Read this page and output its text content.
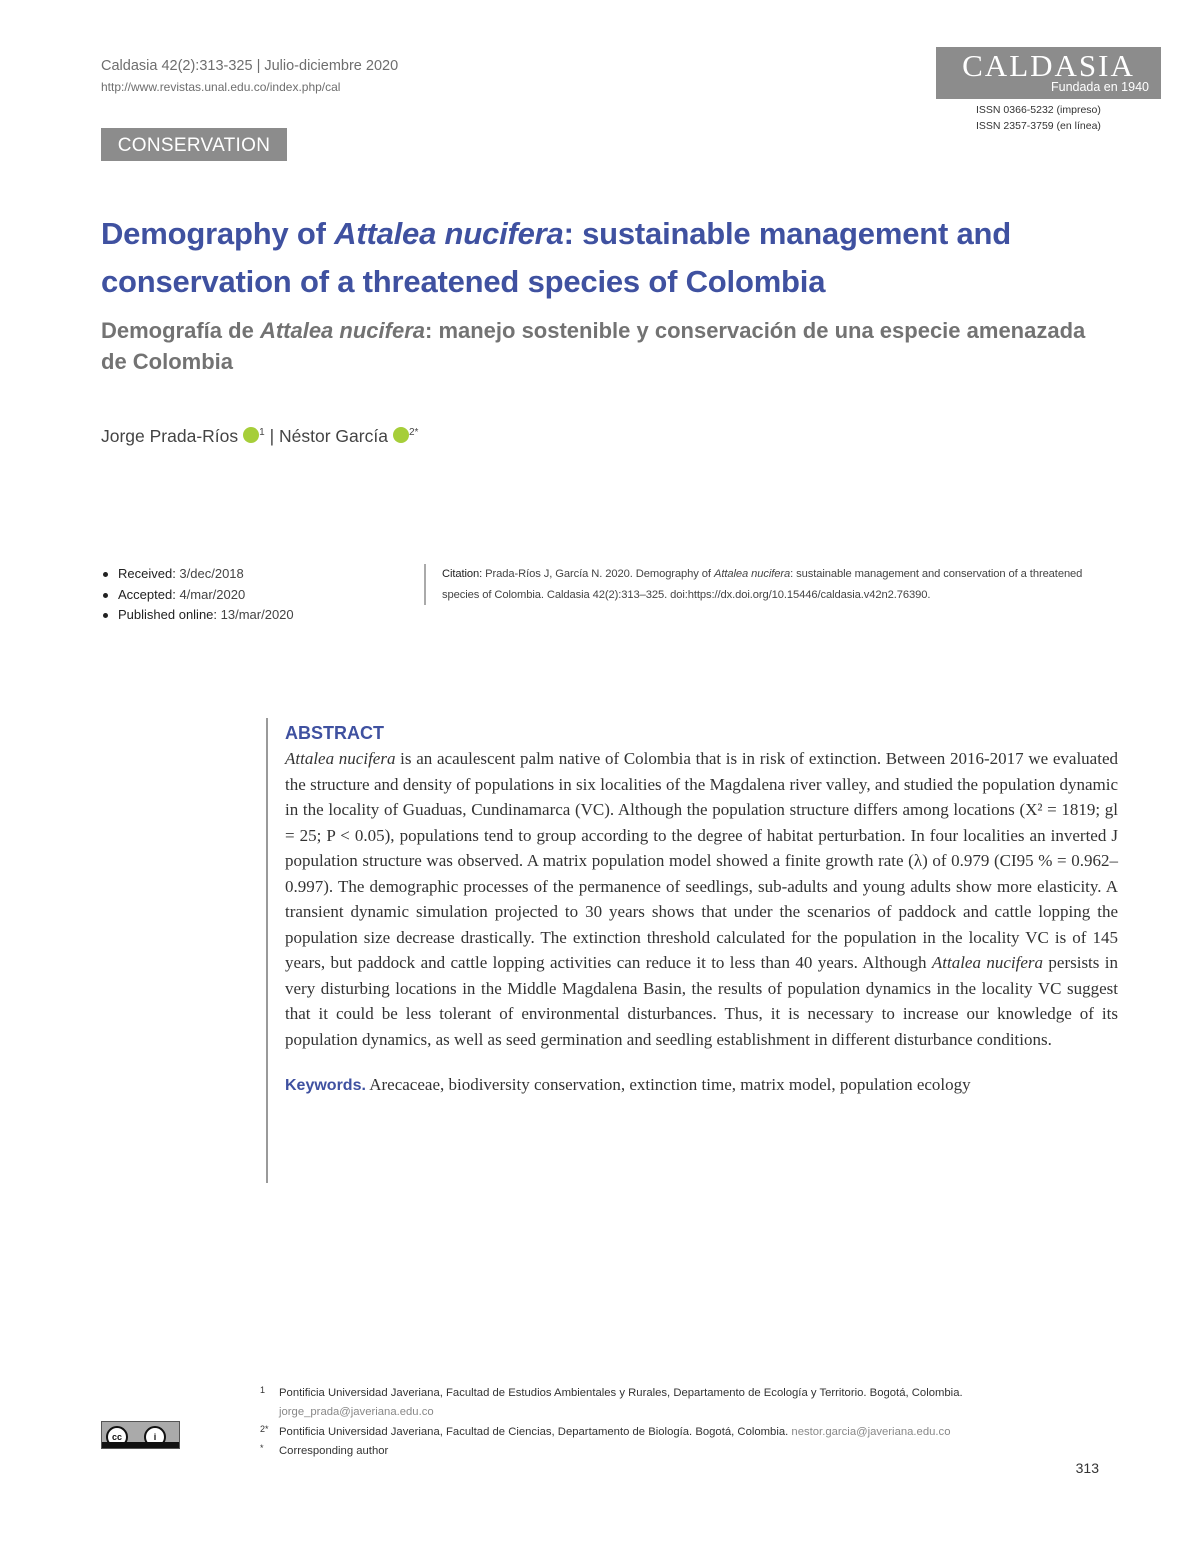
Caldasia 42(2):313-325 | Julio-diciembre 2020
http://www.revistas.unal.edu.co/index.php/cal
CALDASIA
Fundada en 1940
ISSN 0366-5232 (impreso)
ISSN 2357-3759 (en línea)
CONSERVATION
Demography of Attalea nucifera: sustainable management and conservation of a threatened species of Colombia
Demografía de Attalea nucifera: manejo sostenible y conservación de una especie amenazada de Colombia
Jorge Prada-Ríos $^1$ | Néstor García $^{2*}$
Received: 3/dec/2018
Accepted: 4/mar/2020
Published online: 13/mar/2020
Citation: Prada-Ríos J, García N. 2020. Demography of Attalea nucifera: sustainable management and conservation of a threatened species of Colombia. Caldasia 42(2):313–325. doi:https://dx.doi.org/10.15446/caldasia.v42n2.76390.
ABSTRACT

Attalea nucifera is an acaulescent palm native of Colombia that is in risk of extinction. Between 2016-2017 we evaluated the structure and density of populations in six localities of the Magdalena river valley, and studied the population dynamic in the locality of Guaduas, Cundinamarca (VC). Although the population structure differs among locations (X² = 1819; gl = 25; P < 0.05), populations tend to group according to the degree of habitat perturbation. In four localities an inverted J population structure was observed. A matrix population model showed a finite growth rate (λ) of 0.979 (CI95 % = 0.962–0.997). The demographic processes of the permanence of seedlings, sub-adults and young adults show more elasticity. A transient dynamic simulation projected to 30 years shows that under the scenarios of paddock and cattle lopping the population size decrease drastically. The extinction threshold calculated for the population in the locality VC is of 145 years, but paddock and cattle lopping activities can reduce it to less than 40 years. Although Attalea nucifera persists in very disturbing locations in the Middle Magdalena Basin, the results of population dynamics in the locality VC suggest that it could be less tolerant of environmental disturbances. Thus, it is necessary to increase our knowledge of its population dynamics, as well as seed germination and seedling establishment in different disturbance conditions.

Keywords. Arecaceae, biodiversity conservation, extinction time, matrix model, population ecology

cc	i
1 Pontificia Universidad Javeriana, Facultad de Estudios Ambientales y Rurales, Departamento de Ecología y Territorio. Bogotá, Colombia. jorge_prada@javeriana.edu.co
2* Pontificia Universidad Javeriana, Facultad de Ciencias, Departamento de Biología. Bogotá, Colombia. nestor.garcia@javeriana.edu.co
* Corresponding author
313
